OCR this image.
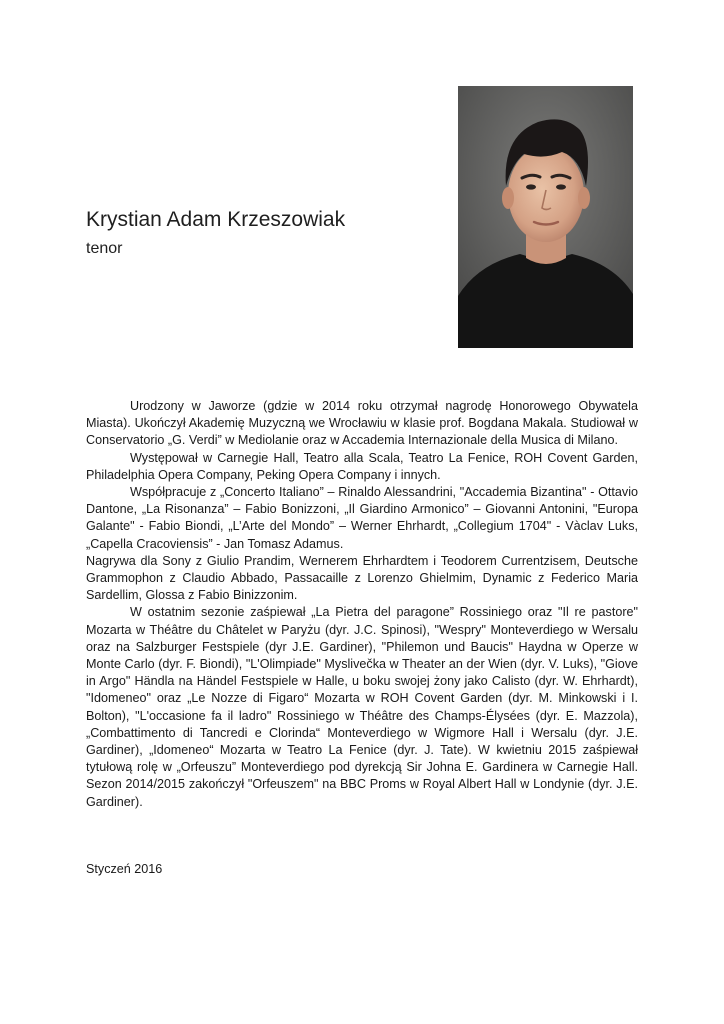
Krystian Adam Krzeszowiak
tenor

Urodzony w Jaworze (gdzie w 2014 roku otrzymał nagrodę Honorowego Obywatela Miasta). Ukończył Akademię Muzyczną we Wrocławiu w klasie prof. Bogdana Makala. Studiował w Conservatorio „G. Verdi” w Mediolanie oraz w Accademia Internazionale della Musica di Milano.

Występował w Carnegie Hall, Teatro alla Scala, Teatro La Fenice, ROH Covent Garden, Philadelphia Opera Company, Peking Opera Company i innych.

Współpracuje z „Concerto Italiano” – Rinaldo Alessandrini, "Accademia Bizantina" - Ottavio Dantone, „La Risonanza” – Fabio Bonizzoni, „Il Giardino Armonico” – Giovanni Antonini, "Europa Galante" - Fabio Biondi, „L’Arte del Mondo” – Werner Ehrhardt, „Collegium 1704" - Vàclav Luks, „Capella Cracoviensis” - Jan Tomasz Adamus.

Nagrywa dla Sony z Giulio Prandim, Wernerem Ehrhardtem i Teodorem Currentzisem, Deutsche Grammophon z Claudio Abbado, Passacaille z Lorenzo Ghielmim, Dynamic z Federico Maria Sardellim, Glossa z Fabio Binizzonim.

W ostatnim sezonie zaśpiewał „La Pietra del paragone” Rossiniego oraz "Il re pastore" Mozarta w Théâtre du Châtelet w Paryżu (dyr. J.C. Spinosi), "Wespry" Monteverdiego w Wersalu oraz na Salzburger Festspiele (dyr J.E. Gardiner), "Philemon und Baucis" Haydna w Operze w Monte Carlo (dyr. F. Biondi), "L'Olimpiade" Myslivečka w Theater an der Wien (dyr. V. Luks), "Giove in Argo" Händla na Händel Festspiele w Halle, u boku swojej żony jako Calisto (dyr. W. Ehrhardt), "Idomeneo" oraz „Le Nozze di Figaro“ Mozarta w ROH Covent Garden (dyr. M. Minkowski i I. Bolton), "L'occasione fa il ladro" Rossiniego w Théâtre des Champs-Élysées (dyr. E. Mazzola), „Combattimento di Tancredi e Clorinda“ Monteverdiego w Wigmore Hall i Wersalu (dyr. J.E. Gardiner), „Idomeneo“ Mozarta w Teatro La Fenice (dyr. J. Tate). W kwietniu 2015 zaśpiewał tytułową rolę w „Orfeuszu” Monteverdiego pod dyrekcją Sir Johna E. Gardinera w Carnegie Hall. Sezon 2014/2015 zakończył "Orfeuszem" na BBC Proms w Royal Albert Hall w Londynie (dyr. J.E. Gardiner).

Styczeń 2016
